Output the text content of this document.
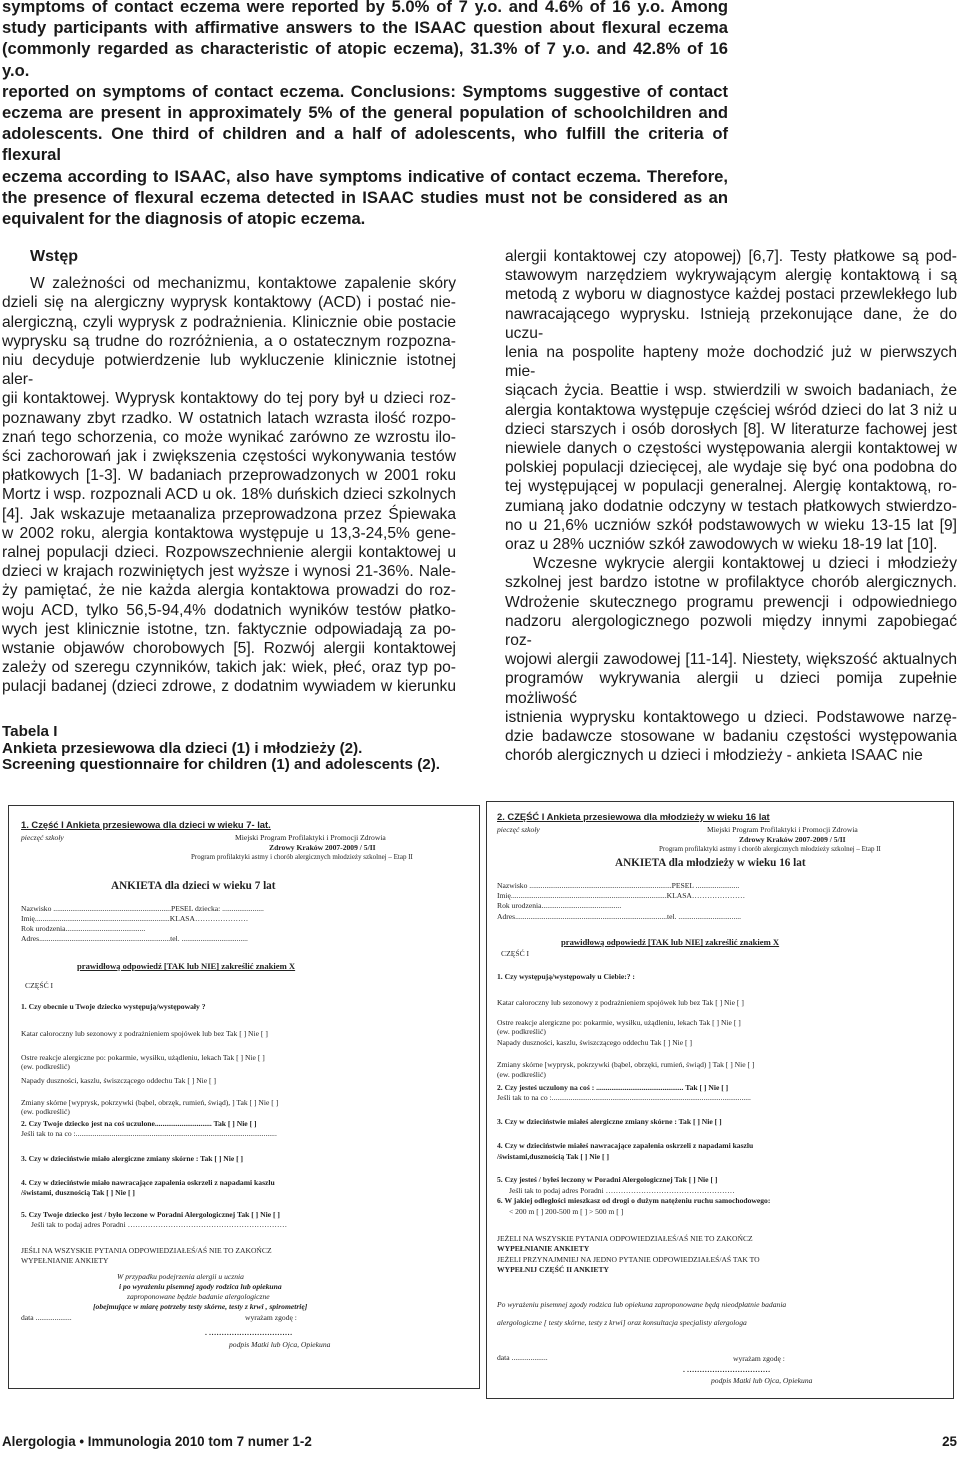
symptoms of contact eczema were reported by 5.0% of 7 y.o. and 4.6% of 16 y.o. Among
study participants with affirmative answers to the ISAAC question about flexural eczema
(commonly regarded as characteristic of atopic eczema), 31.3% of 7 y.o. and 42.8% of 16 y.o.
reported on symptoms of contact eczema. Conclusions: Symptoms suggestive of contact
eczema are present in approximately 5% of the general population of schoolchildren and
adolescents. One third of children and a half of adolescents, who fulfill the criteria of flexural
eczema according to ISAAC, also have symptoms indicative of contact eczema. Therefore,
the presence of flexural eczema detected in ISAAC studies must not be considered as an
equivalent for the diagnosis of atopic eczema.
Wstęp
W zależności od mechanizmu, kontaktowe zapalenie skóry
dzieli się na alergiczny wyprysk kontaktowy (ACD) i postać nie-
alergiczną, czyli wyprysk z podrażnienia. Klinicznie obie postacie
wyprysku są trudne do rozróżnienia, a o ostatecznym rozpozna-
niu decyduje potwierdzenie lub wykluczenie klinicznie istotnej aler-
gii kontaktowej. Wyprysk kontaktowy do tej pory był u dzieci roz-
poznawany zbyt rzadko. W ostatnich latach wzrasta ilość rozpo-
znań tego schorzenia, co może wynikać zarówno ze wzrostu ilo-
ści zachorowań jak i zwiększenia częstości wykonywania testów
płatkowych [1-3]. W badaniach przeprowadzonych w 2001 roku
Mortz i wsp. rozpoznali ACD u ok. 18% duńskich dzieci szkolnych
[4]. Jak wskazuje metaanaliza przeprowadzona przez Śpiewaka
w 2002 roku, alergia kontaktowa występuje u 13,3-24,5% gene-
ralnej populacji dzieci. Rozpowszechnienie alergii kontaktowej u
dzieci w krajach rozwiniętych jest wyższe i wynosi 21-36%. Nale-
ży pamiętać, że nie każda alergia kontaktowa prowadzi do roz-
woju ACD, tylko 56,5-94,4% dodatnich wyników testów płatko-
wych jest klinicznie istotne, tzn. faktycznie odpowiadają za po-
wstanie objawów chorobowych [5]. Rozwój alergii kontaktowej
zależy od szeregu czynników, takich jak: wiek, płeć, oraz typ po-
pulacji badanej (dzieci zdrowe, z dodatnim wywiadem w kierunku
alergii kontaktowej czy atopowej) [6,7]. Testy płatkowe są pod-
stawowym narzędziem wykrywającym alergię kontaktową i są
metodą z wyboru w diagnostyce każdej postaci przewlekłego lub
nawracającego wyprysku. Istnieją przekonujące dane, że do uczu-
lenia na pospolite hapteny może dochodzić już w pierwszych mie-
siącach życia. Beattie i wsp. stwierdzili w swoich badaniach, że
alergia kontaktowa występuje częściej wśród dzieci do lat 3 niż u
dzieci starszych i osób dorosłych [8]. W literaturze fachowej jest
niewiele danych o częstości występowania alergii kontaktowej w
polskiej populacji dziecięcej, ale wydaje się być ona podobna do
tej występującej w populacji generalnej. Alergię kontaktową, ro-
zumianą jako dodatnie odczyny w testach płatkowych stwierdzo-
no u 21,6% uczniów szkół podstawowych w wieku 13-15 lat [9]
oraz u 28% uczniów szkół zawodowych w wieku 18-19 lat [10].
Wczesne wykrycie alergii kontaktowej u dzieci i młodzieży
szkolnej jest bardzo istotne w profilaktyce chorób alergicznych.
Wdrożenie skutecznego programu prewencji i odpowiedniego
nadzoru alergologicznego pozwoli między innymi zapobiegać roz-
wojowi alergii zawodowej [11-14]. Niestety, większość aktualnych
programów wykrywania alergii u dzieci pomija zupełnie możliwość
istnienia wyprysku kontaktowego u dzieci. Podstawowe narzę-
dzie badawcze stosowane w badaniu częstości występowania
chorób alergicznych u dzieci i młodzieży - ankieta ISAAC nie
Tabela I
Ankieta przesiewowa dla dzieci (1) i młodzieży (2).
Screening questionnaire for children (1) and adolescents (2).
1. Część I Ankieta przesiewowa dla dzieci w wieku 7- lat.
pieczęć szkoły	Miejski Program Profilaktyki i Promocji Zdrowia
Zdrowy Kraków 2007-2009 / 5/II
Program profilaktyki astmy i chorób alergicznych młodzieży szkolnej – Etap II
ANKIETA dla dzieci w wieku 7 lat
Nazwisko ..............................................................PESEL dziecka: ......................
Imię.......................................................................KLASA…………………
Rok urodzenia..........................................
Adres.....................................................................tel. ...................................
prawidłową odpowiedź [TAK lub NIE] zakreślić znakiem X
CZĘŚĆ I
1. Czy obecnie u Twoje dziecko występują/występowały ?
Katar całoroczny lub sezonowy z podrażnieniem spojówek lub bez Tak [ ] Nie [ ]
Ostre reakcje alergiczne po: pokarmie, wysiłku, użądleniu, lekach Tak [ ] Nie [ ]
(ew. podkreślić)
Napady duszności, kaszlu, świszczącego oddechu Tak [ ] Nie [ ]
Zmiany skórne [wyprysk, pokrzywki (bąbel, obrzęk, rumień, świąd), ] Tak [ ] Nie [ ]
(ew. podkreślić)
2. Czy Twoje dziecko jest na coś uczulone.............................. Tak [ ] Nie [ ]
Jeśli tak to na co :..........................................................................................................
3. Czy w dzieciństwie miało alergiczne zmiany skórne : Tak [ ] Nie [ ]
4. Czy w dzieciństwie miało nawracające zapalenia oskrzeli z napadami kaszlu
/świstami, dusznością Tak [ ] Nie [ ]
5. Czy Twoje dziecko jest / było leczone w Poradni Alergologicznej Tak [ ] Nie [ ]
Jeśli tak to podaj adres Poradni ………………………………………………………
JEŚLI NA WSZYSKIE PYTANIA ODPOWIEDZIAŁEŚ/AŚ NIE TO ZAKOŃCZ
WYPEŁNIANIE ANKIETY
W przypadku podejrzenia alergii u ucznia
i po wyrażeniu pisemnej zgody rodzica lub opiekuna
zaproponowane będzie badanie alergologiczne
[obejmujące w miarę potrzeby testy skórne, testy z krwi , spirometrię]
data ...................	wyrażam zgodę :
. ……………………………
podpis Matki lub Ojca, Opiekuna
2. CZĘŚĆ I Ankieta przesiewowa dla młodzieży w wieku 16 lat
pieczęć szkoły	Miejski Program Profilaktyki i Promocji Zdrowia
Zdrowy Kraków 2007-2009 / 5/II
Program profilaktyki astmy i chorób alergicznych młodzieży szkolnej – Etap II
ANKIETA dla młodzieży w wieku 16 lat
Nazwisko ...........................................................................PESEL .......................
Imię..................................................................................KLASA…………………
Rok urodzenia..........................................
Adres................................................................................tel. .................................
prawidłową odpowiedź [TAK lub NIE] zakreślić znakiem X
CZĘŚĆ I
1. Czy występują/występowały u Ciebie:? :
Katar całoroczny lub sezonowy z podrażnieniem spojówek lub bez Tak [ ] Nie [ ]
Ostre reakcje alergiczne po: pokarmie, wysiłku, użądleniu, lekach Tak [ ] Nie [ ]
(ew. podkreślić)
Napady duszności, kaszlu, świszczącego oddechu Tak [ ] Nie [ ]
Zmiany skórne [wyprysk, pokrzywki (bąbel, obrzęki, rumień, świąd) ] Tak [ ] Nie [ ]
(ew. podkreślić)
2. Czy jesteś uczulony na coś : .............................................. Tak [ ] Nie [ ]
Jeśli tak to na co :.........................................................................................................
3. Czy w dzieciństwie miałeś alergiczne zmiany skórne : Tak [ ] Nie [ ]
4. Czy w dzieciństwie miałeś nawracające zapalenia oskrzeli z napadami kaszlu
/świstami,dusznością Tak [ ] Nie [ ]
5. Czy jesteś / byłeś leczony w Poradni Alergologicznej Tak [ ] Nie [ ]
Jeśli tak to podaj adres Poradni ……………………………………………
6. W jakiej odległości mieszkasz od drogi o dużym natężeniu ruchu samochodowego:
< 200 m [ ] 200-500 m [ ] > 500 m [ ]
JEŻELI NA WSZYSKIE PYTANIA ODPOWIEDZIAŁEŚ/AŚ NIE TO ZAKOŃCZ
WYPEŁNIANIE ANKIETY
JEŻELI PRZYNAJMNIEJ NA JEDNO PYTANIE ODPOWIEDZIAŁEŚ/AŚ TAK TO
WYPEŁNIJ CZĘŚĆ II ANKIETY
Po wyrażeniu pisemnej zgody rodzica lub opiekuna zaproponowane będą nieodpłatnie badania
alergologiczne [ testy skórne, testy z krwi] oraz konsultacja specjalisty alergologa
data ...................	wyrażam zgodę :
. ……………………………
podpis Matki lub Ojca, Opiekuna
Alergologia • Immunologia 2010 tom 7 numer 1-2	25
